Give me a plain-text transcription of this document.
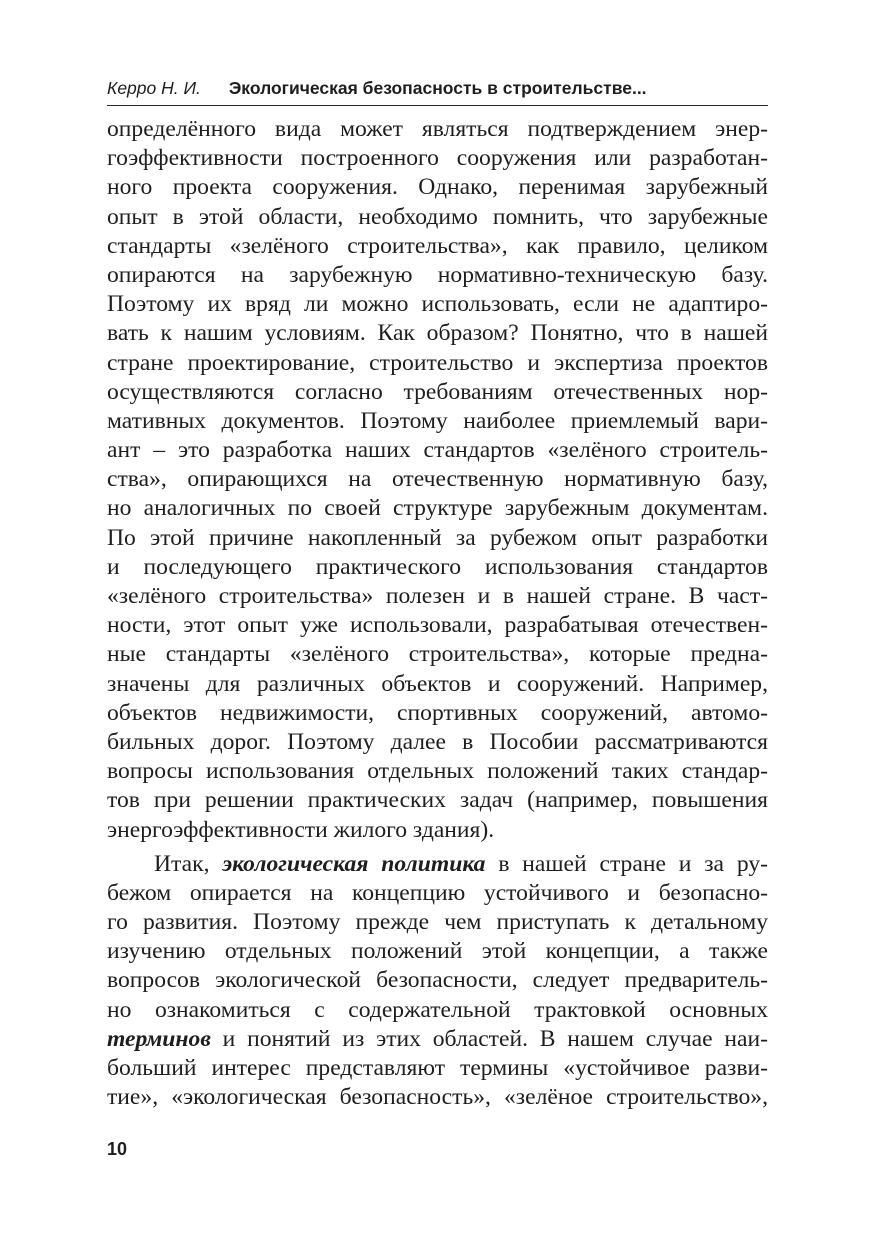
Керро Н. И. Экологическая безопасность в строительстве...
определённого вида может являться подтверждением энер-
гоэффективности построенного сооружения или разработан-
ного проекта сооружения. Однако, перенимая зарубежный
опыт в этой области, необходимо помнить, что зарубежные
стандарты «зелёного строительства», как правило, целиком
опираются на зарубежную нормативно-техническую базу.
Поэтому их вряд ли можно использовать, если не адаптиро-
вать к нашим условиям. Как образом? Понятно, что в нашей
стране проектирование, строительство и экспертиза проектов
осуществляются согласно требованиям отечественных нор-
мативных документов. Поэтому наиболее приемлемый вари-
ант – это разработка наших стандартов «зелёного строитель-
ства», опирающихся на отечественную нормативную базу,
но аналогичных по своей структуре зарубежным документам.
По этой причине накопленный за рубежом опыт разработки
и последующего практического использования стандартов
«зелёного строительства» полезен и в нашей стране. В част-
ности, этот опыт уже использовали, разрабатывая отечествен-
ные стандарты «зелёного строительства», которые предна-
значены для различных объектов и сооружений. Например,
объектов недвижимости, спортивных сооружений, автомо-
бильных дорог. Поэтому далее в Пособии рассматриваются
вопросы использования отдельных положений таких стандар-
тов при решении практических задач (например, повышения
энергоэффективности жилого здания).
Итак, экологическая политика в нашей стране и за ру-
бежом опирается на концепцию устойчивого и безопасно-
го развития. Поэтому прежде чем приступать к детальному
изучению отдельных положений этой концепции, а также
вопросов экологической безопасности, следует предваритель-
но ознакомиться с содержательной трактовкой основных
терминов и понятий из этих областей. В нашем случае наи-
больший интерес представляют термины «устойчивое разви-
тие», «экологическая безопасность», «зелёное строительство»,
10
